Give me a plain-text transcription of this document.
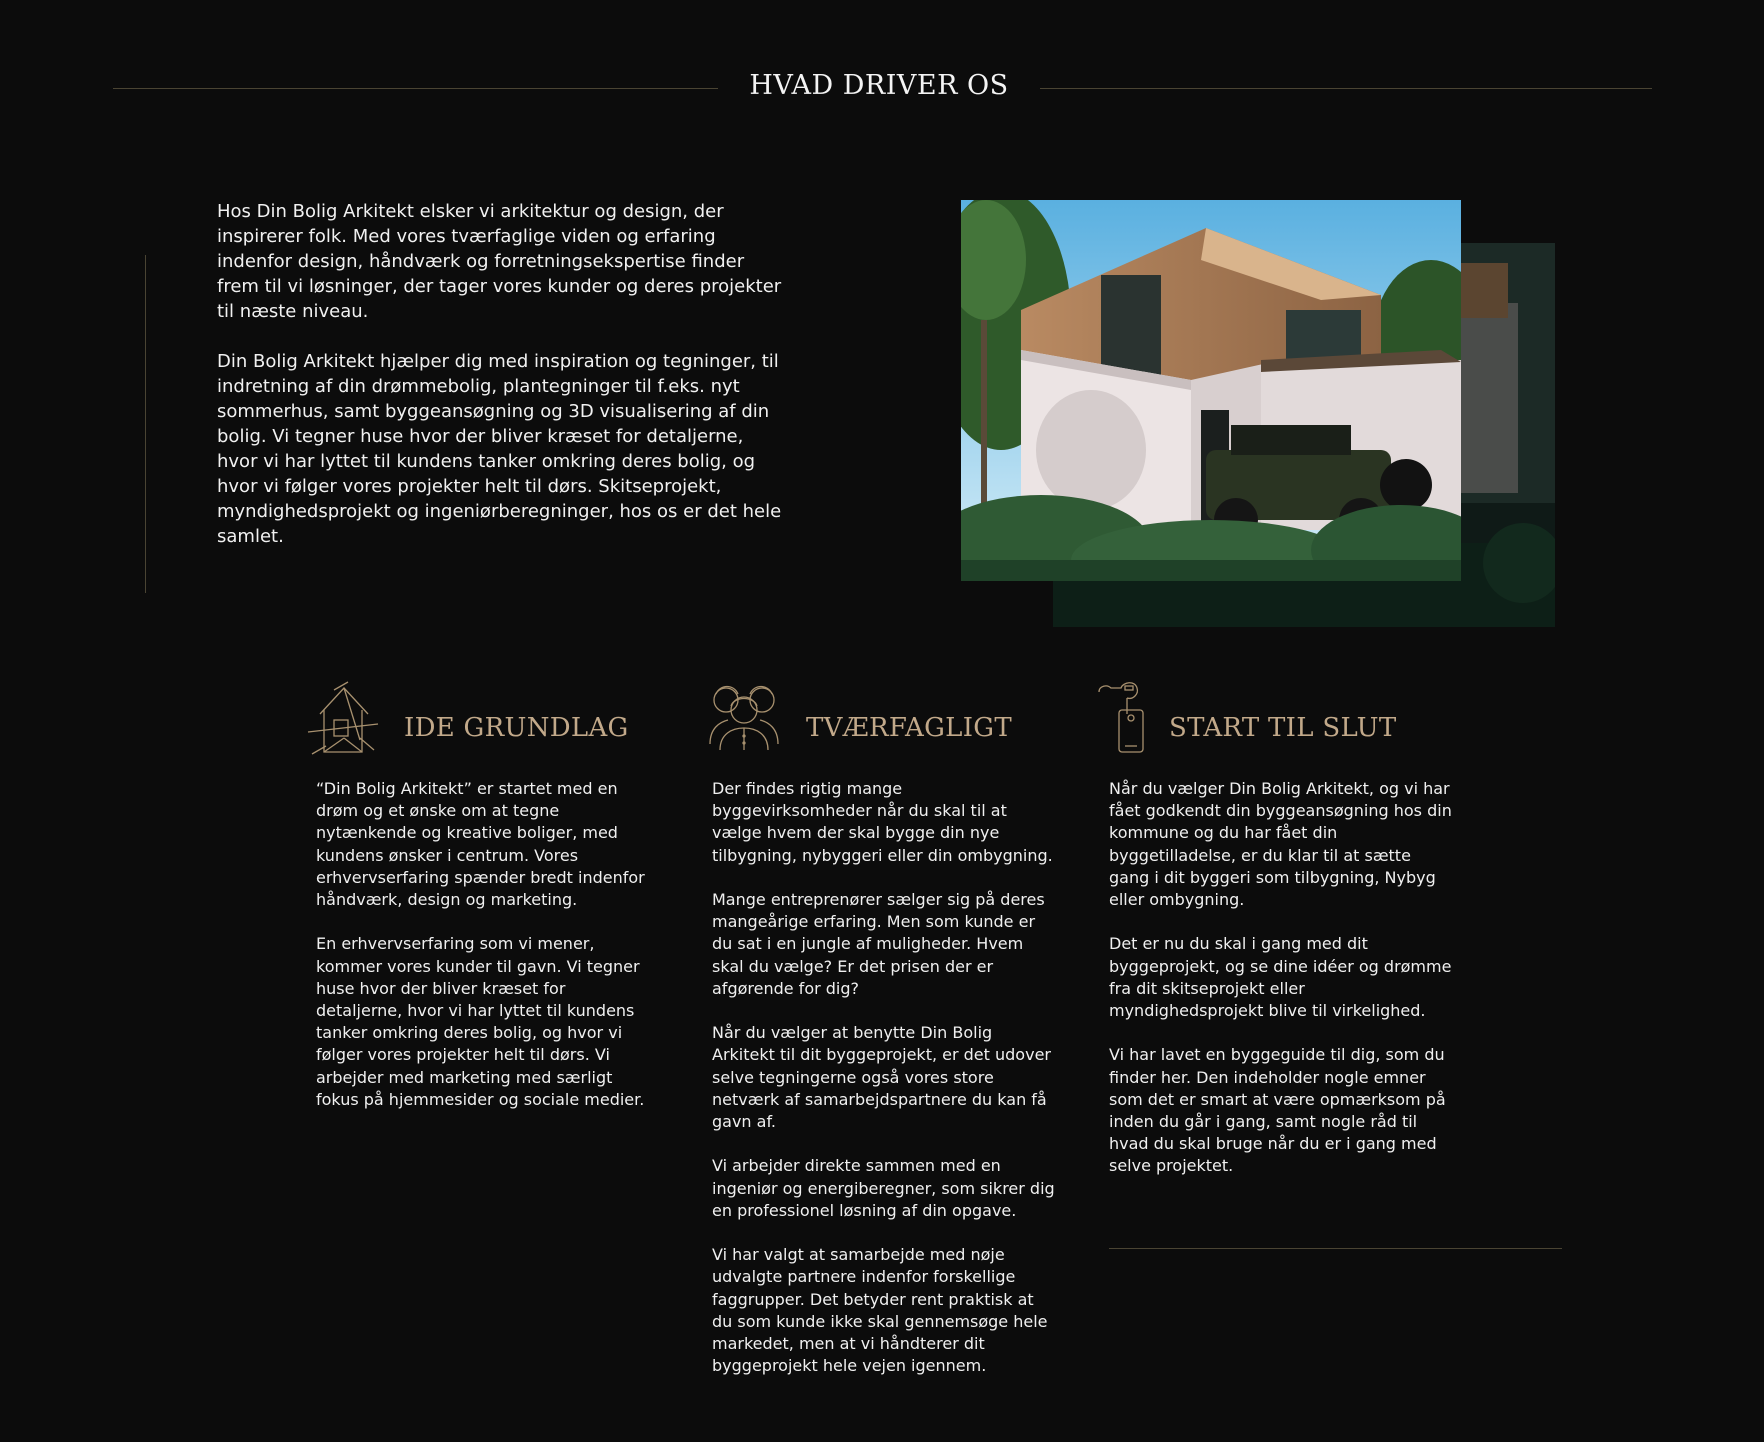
HVAD DRIVER OS

Hos Din Bolig Arkitekt elsker vi arkitektur og design, der inspirerer folk. Med vores tværfaglige viden og erfaring indenfor design, håndværk og forretningsekspertise finder frem til vi løsninger, der tager vores kunder og deres projekter til næste niveau.

Din Bolig Arkitekt hjælper dig med inspiration og tegninger, til indretning af din drømmebolig, plantegninger til f.eks. nyt sommerhus, samt byggeansøgning og 3D visualisering af din bolig. Vi tegner huse hvor der bliver kræset for detaljerne, hvor vi har lyttet til kundens tanker omkring deres bolig, og hvor vi følger vores projekter helt til dørs. Skitseprojekt, myndighedsprojekt og ingeniørberegninger, hos os er det hele samlet.

IDE GRUNDLAG

“Din Bolig Arkitekt” er startet med en drøm og et ønske om at tegne nytænkende og kreative boliger, med kundens ønsker i centrum. Vores erhvervserfaring spænder bredt indenfor håndværk, design og marketing.

En erhvervserfaring som vi mener, kommer vores kunder til gavn. Vi tegner huse hvor der bliver kræset for detaljerne, hvor vi har lyttet til kundens tanker omkring deres bolig, og hvor vi følger vores projekter helt til dørs. Vi arbejder med marketing med særligt fokus på hjemmesider og sociale medier.

TVÆRFAGLIGT

Der findes rigtig mange byggevirksomheder når du skal til at vælge hvem der skal bygge din nye tilbygning, nybyggeri eller din ombygning.

Mange entreprenører sælger sig på deres mangeårige erfaring. Men som kunde er du sat i en jungle af muligheder. Hvem skal du vælge? Er det prisen der er afgørende for dig?

Når du vælger at benytte Din Bolig Arkitekt til dit byggeprojekt, er det udover selve tegningerne også vores store netværk af samarbejdspartnere du kan få gavn af.

Vi arbejder direkte sammen med en ingeniør og energiberegner, som sikrer dig en professionel løsning af din opgave.

Vi har valgt at samarbejde med nøje udvalgte partnere indenfor forskellige faggrupper. Det betyder rent praktisk at du som kunde ikke skal gennemsøge hele markedet, men at vi håndterer dit byggeprojekt hele vejen igennem.

START TIL SLUT

Når du vælger Din Bolig Arkitekt, og vi har fået godkendt din byggeansøgning hos din kommune og du har fået din byggetilladelse, er du klar til at sætte gang i dit byggeri som tilbygning, Nybyg eller ombygning.

Det er nu du skal i gang med dit byggeprojekt, og se dine idéer og drømme fra dit skitseprojekt eller myndighedsprojekt blive til virkelighed.

Vi har lavet en byggeguide til dig, som du finder her. Den indeholder nogle emner som det er smart at være opmærksom på inden du går i gang, samt nogle råd til hvad du skal bruge når du er i gang med selve projektet.
